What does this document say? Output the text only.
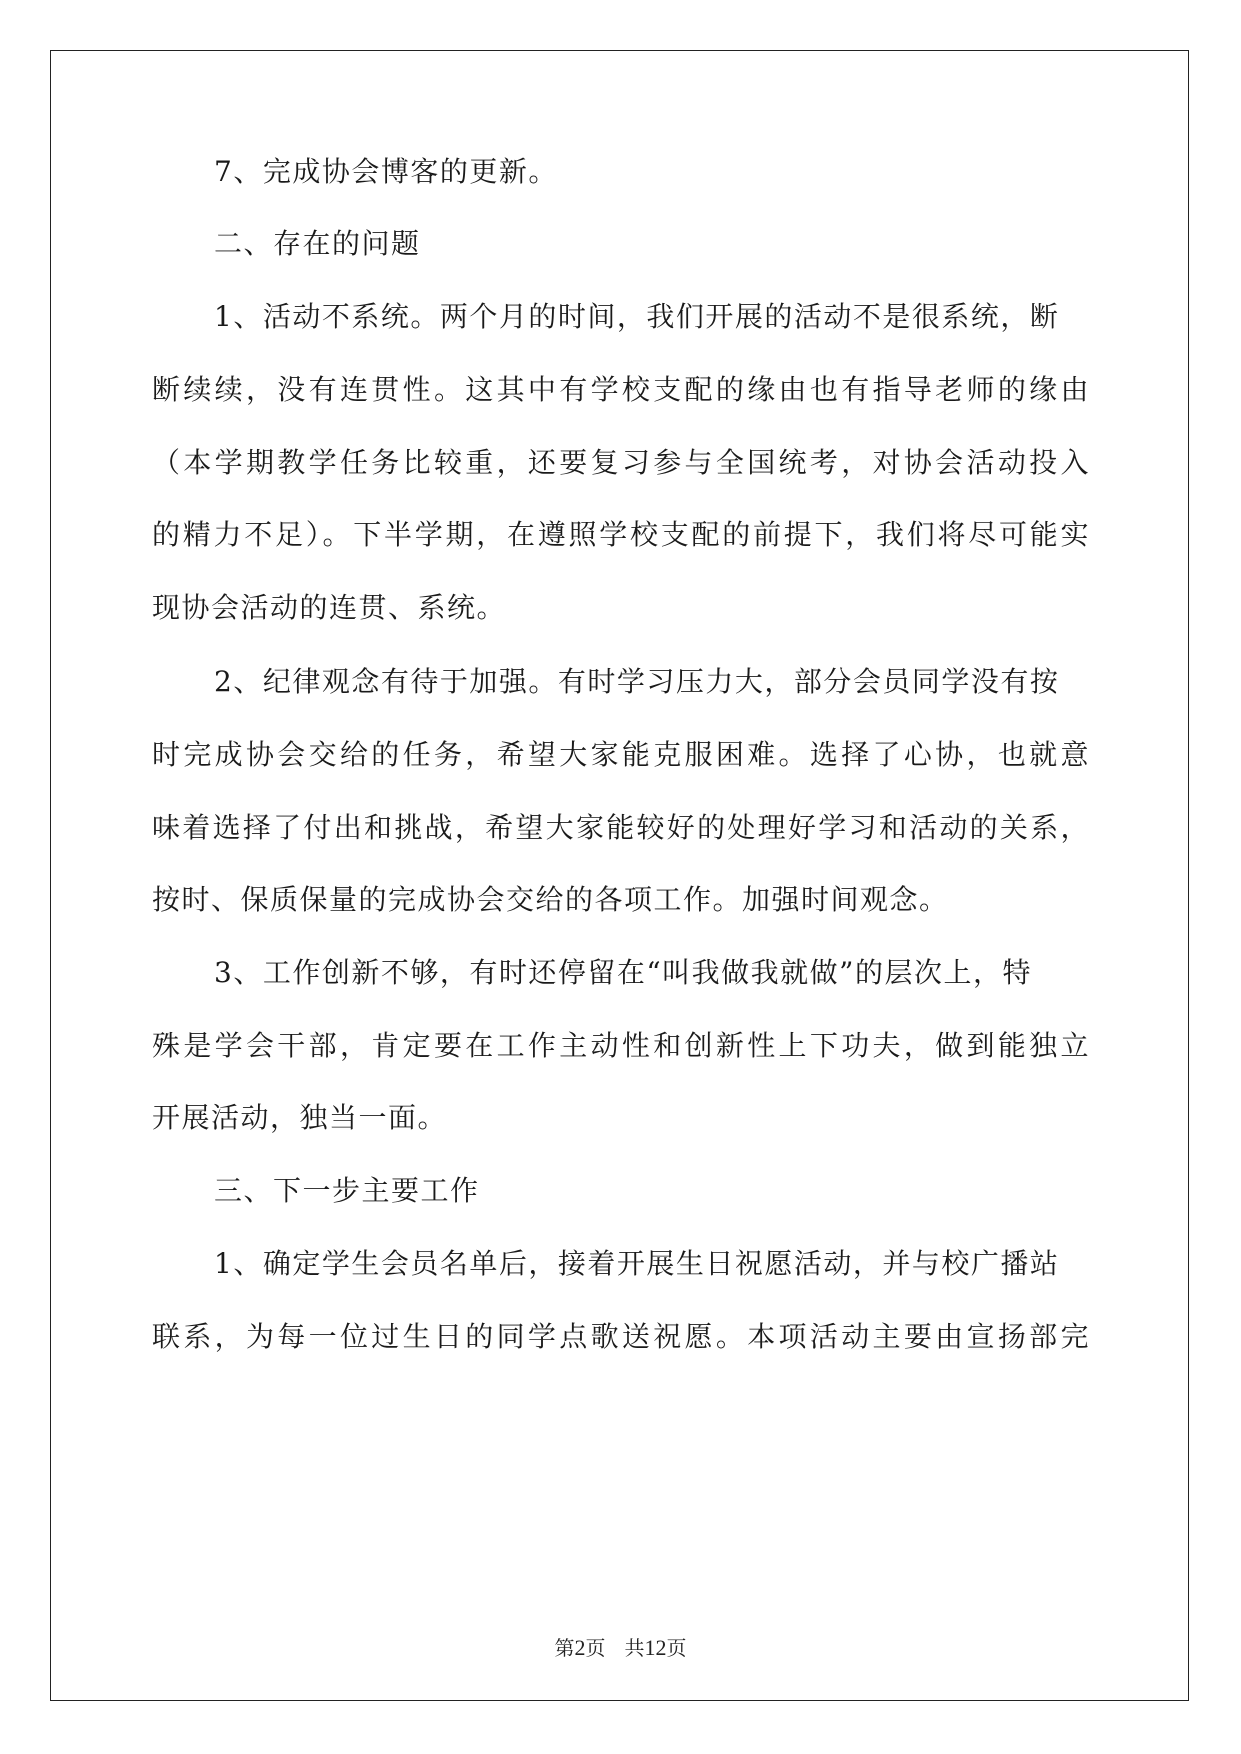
7、完成协会博客的更新。
二、存在的问题
1、活动不系统。两个月的时间，我们开展的活动不是很系统，断
断续续，没有连贯性。这其中有学校支配的缘由也有指导老师的缘由
（本学期教学任务比较重，还要复习参与全国统考，对协会活动投入
的精力不足）。下半学期，在遵照学校支配的前提下，我们将尽可能实
现协会活动的连贯、系统。
2、纪律观念有待于加强。有时学习压力大，部分会员同学没有按
时完成协会交给的任务，希望大家能克服困难。选择了心协，也就意
味着选择了付出和挑战，希望大家能较好的处理好学习和活动的关系，
按时、保质保量的完成协会交给的各项工作。加强时间观念。
3、工作创新不够，有时还停留在“叫我做我就做”的层次上，特
殊是学会干部，肯定要在工作主动性和创新性上下功夫，做到能独立
开展活动，独当一面。
三、下一步主要工作
1、确定学生会员名单后，接着开展生日祝愿活动，并与校广播站
联系，为每一位过生日的同学点歌送祝愿。本项活动主要由宣扬部完
第2页 共12页
